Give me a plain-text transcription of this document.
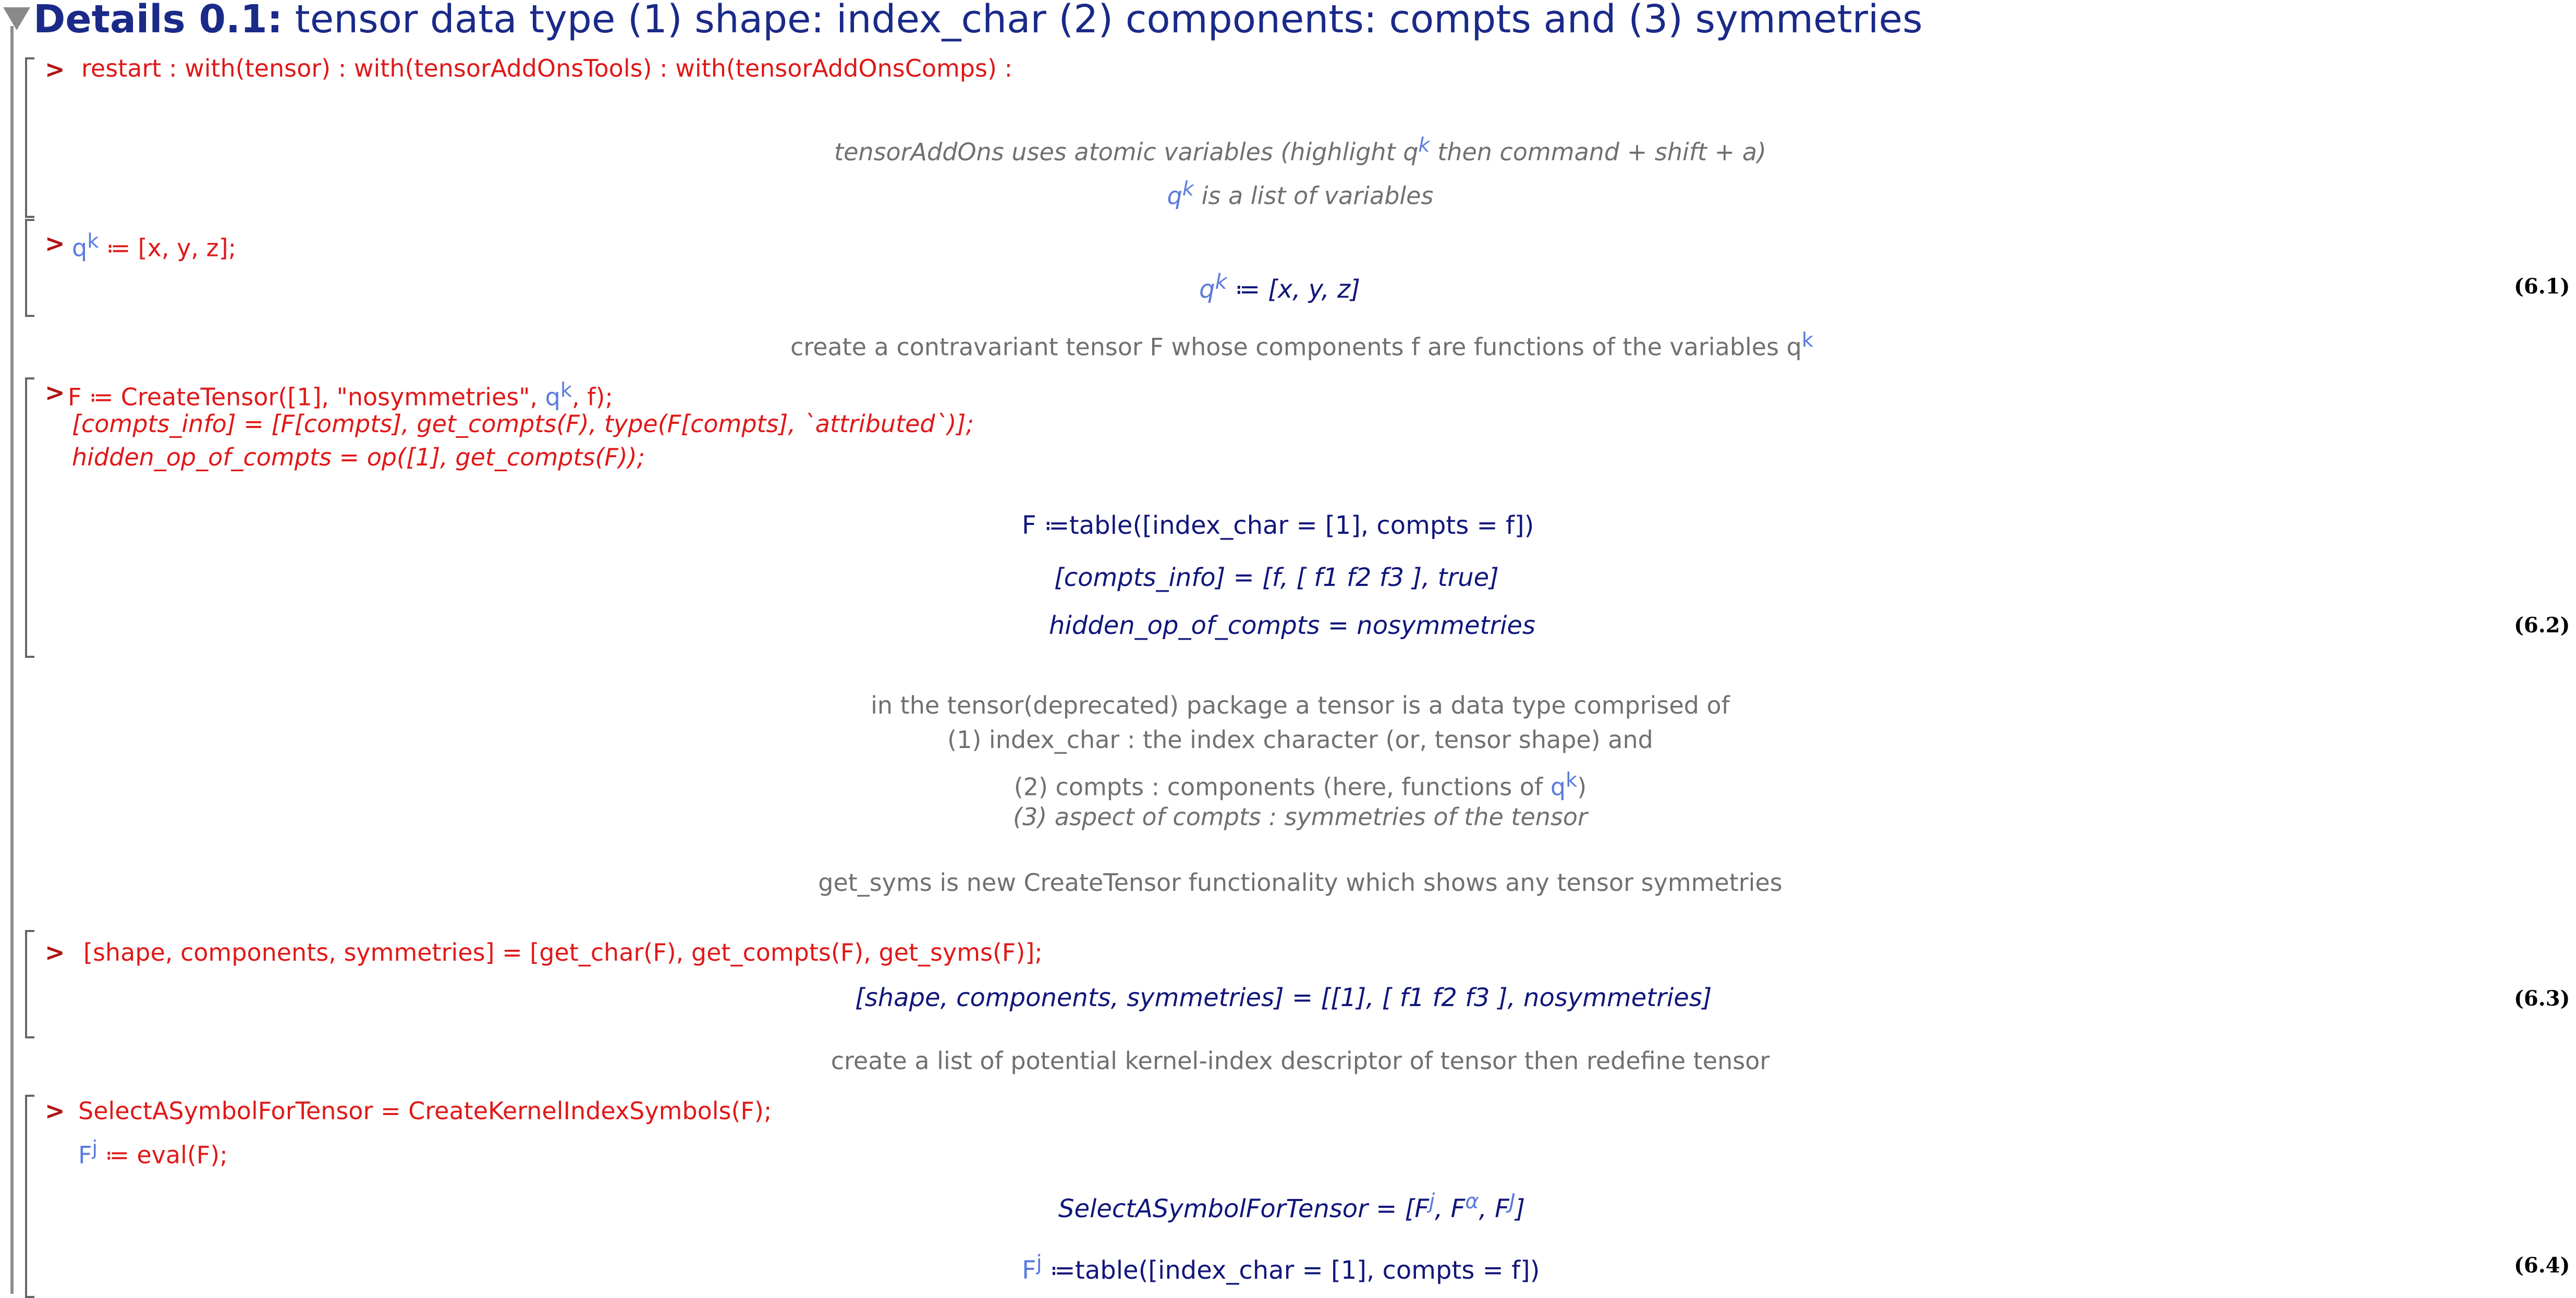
Details 0.1: tensor data type (1) shape: index_char (2) components: compts and (3) symmetries
> restart : with(tensor) : with(tensorAddOnsTools) : with(tensorAddOnsComps) :
tensorAddOns uses atomic variables (highlight $q^k$ then command + shift + a)
$q^k$ is a list of variables
> $q^k$ ≔ [x, y, z];
$q^k$ ≔ [x, y, z]	(6.1)
create a contravariant tensor F whose components f are functions of the variables $q^k$
> F ≔ CreateTensor([1], "nosymmetries", $q^k$, f);
[compts_info] = [F[compts], get_compts(F), type(F[compts], `attributed`)];
hidden_op_of_compts = op([1], get_compts(F));
F ≔table([index_char = [1], compts = f])
[compts_info] = [f, [ f1 f2 f3 ], true]
hidden_op_of_compts = nosymmetries	(6.2)
in the tensor(deprecated) package a tensor is a data type comprised of
(1) index_char : the index character (or, tensor shape) and
(2) compts : components (here, functions of $q^k$)
(3) aspect of compts : symmetries of the tensor
get_syms is new CreateTensor functionality which shows any tensor symmetries
> [shape, components, symmetries] = [get_char(F), get_compts(F), get_syms(F)];
[shape, components, symmetries] = [[1], [ f1 f2 f3 ], nosymmetries]	(6.3)
create a list of potential kernel-index descriptor of tensor then redefine tensor
> SelectASymbolForTensor = CreateKernelIndexSymbols(F);
$F^j$ ≔ eval(F);
SelectASymbolForTensor = [$F^j$, $F^\alpha$, $F^J$]
$F^j$ ≔table([index_char = [1], compts = f])	(6.4)
